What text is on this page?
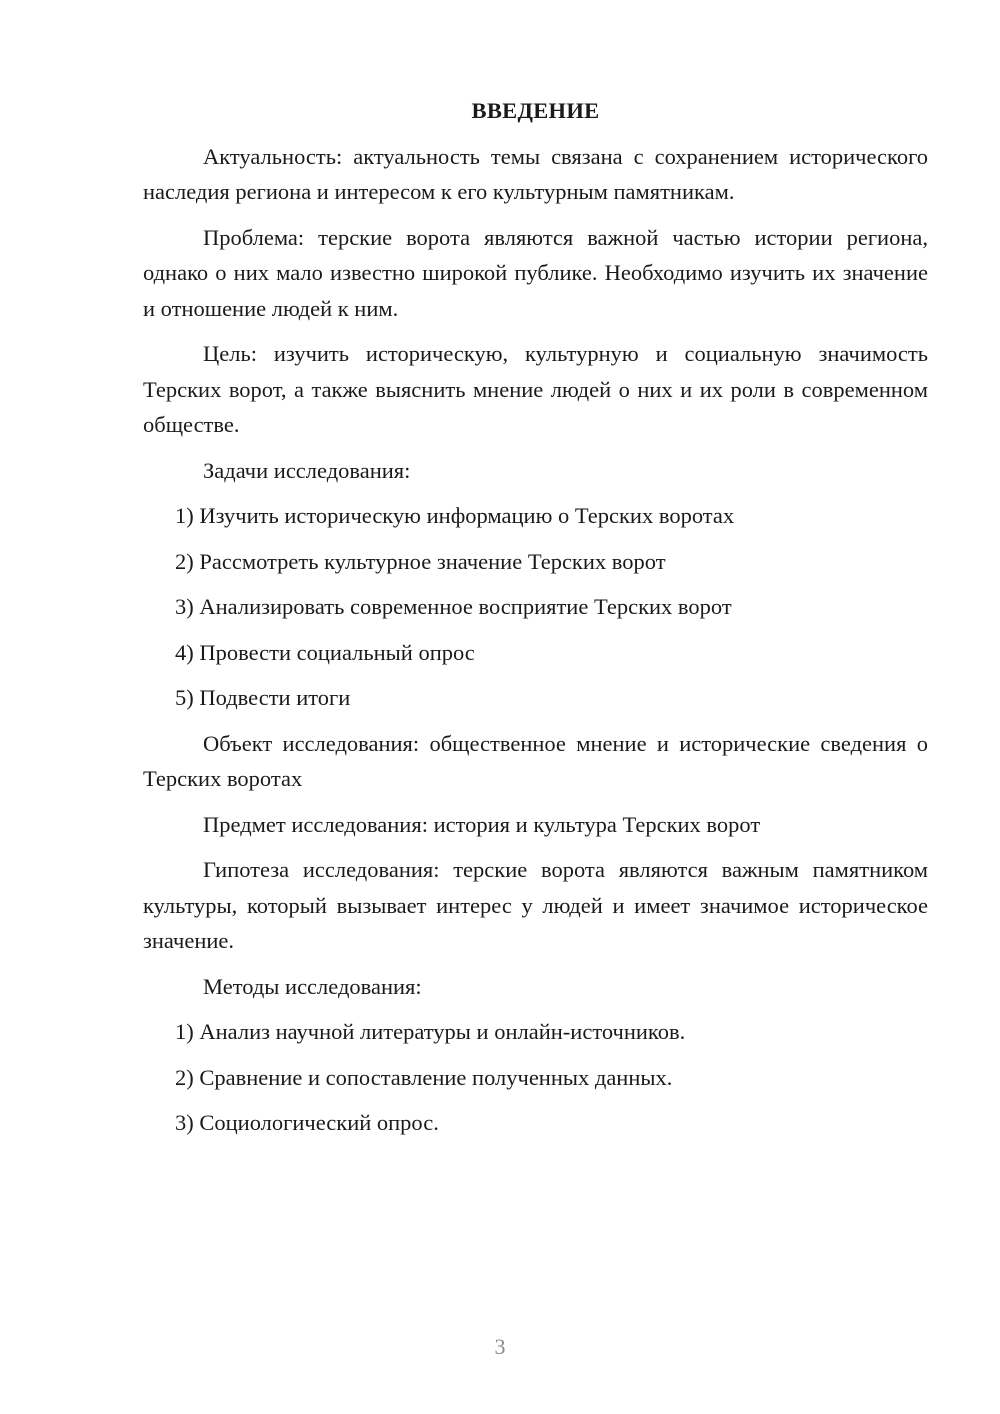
ВВЕДЕНИЕ

Актуальность: актуальность темы связана с сохранением исторического наследия региона и интересом к его культурным памятникам.

Проблема: терские ворота являются важной частью истории региона, однако о них мало известно широкой публике. Необходимо изучить их значение и отношение людей к ним.

Цель: изучить историческую, культурную и социальную значимость Терских ворот, а также выяснить мнение людей о них и их роли в современном обществе.

Задачи исследования:

1) Изучить историческую информацию о Терских воротах
2) Рассмотреть культурное значение Терских ворот
3) Анализировать современное восприятие Терских ворот
4) Провести социальный опрос
5) Подвести итоги

Объект исследования: общественное мнение и исторические сведения о Терских воротах

Предмет исследования: история и культура Терских ворот

Гипотеза исследования: терские ворота являются важным памятником культуры, который вызывает интерес у людей и имеет значимое историческое значение.

Методы исследования:

1) Анализ научной литературы и онлайн-источников.
2) Сравнение и сопоставление полученных данных.
3) Социологический опрос.
3
